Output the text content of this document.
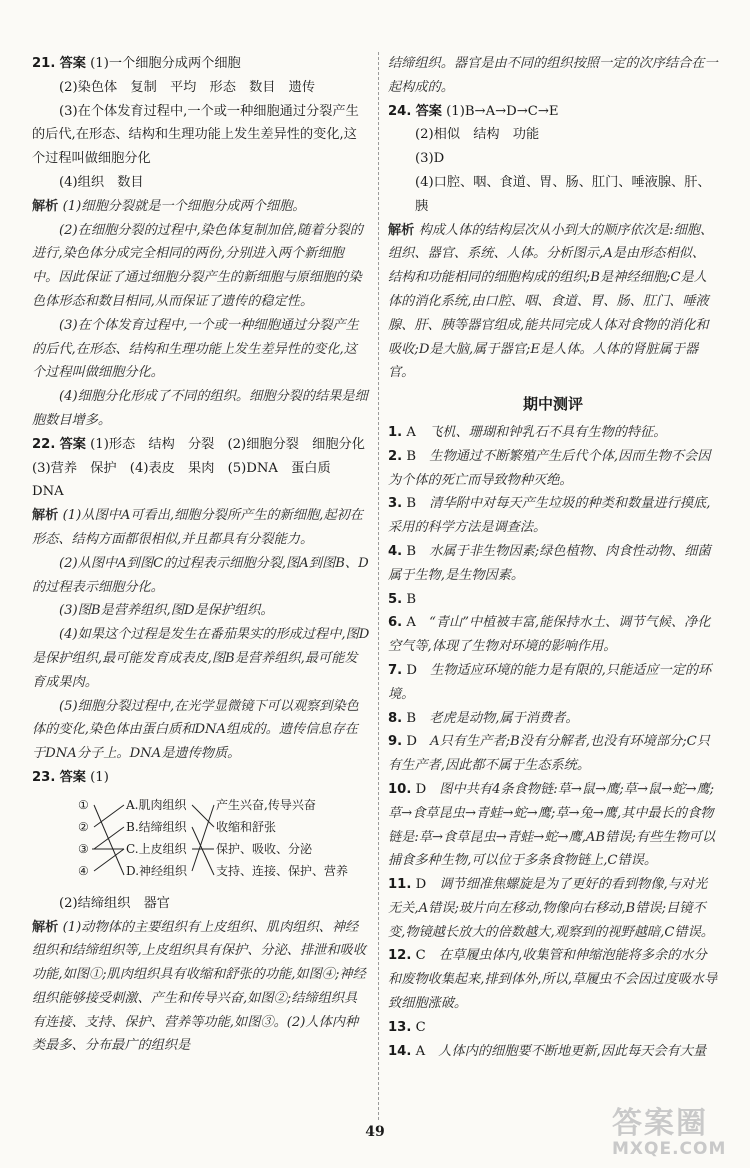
21. 答案 (1)一个细胞分成两个细胞

(2)染色体　复制　平均　形态　数目　遗传

(3)在个体发育过程中,一个或一种细胞通过分裂产生的后代,在形态、结构和生理功能上发生差异性的变化,这个过程叫做细胞分化

(4)组织　数目

解析 (1)细胞分裂就是一个细胞分成两个细胞。

(2)在细胞分裂的过程中,染色体复制加倍,随着分裂的进行,染色体分成完全相同的两份,分别进入两个新细胞中。因此保证了通过细胞分裂产生的新细胞与原细胞的染色体形态和数目相同,从而保证了遗传的稳定性。

(3)在个体发育过程中,一个或一种细胞通过分裂产生的后代,在形态、结构和生理功能上发生差异性的变化,这个过程叫做细胞分化。

(4)细胞分化形成了不同的组织。细胞分裂的结果是细胞数目增多。

22. 答案 (1)形态　结构　分裂　(2)细胞分裂　细胞分化　(3)营养　保护　(4)表皮　果肉　(5)DNA　蛋白质　DNA

解析 (1)从图中A可看出,细胞分裂所产生的新细胞,起初在形态、结构方面都很相似,并且都具有分裂能力。

(2)从图中A到图C的过程表示细胞分裂,图A到图B、D的过程表示细胞分化。

(3)图B是营养组织,图D是保护组织。

(4)如果这个过程是发生在番茄果实的形成过程中,图D是保护组织,最可能发育成表皮,图B是营养组织,最可能发育成果肉。

(5)细胞分裂过程中,在光学显微镜下可以观察到染色体的变化,染色体由蛋白质和DNA组成的。遗传信息存在于DNA分子上。DNA是遗传物质。

23. 答案 (1)

①
②
③
④
A.肌肉组织
B.结缔组织
C.上皮组织
D.神经组织
产生兴奋,传导兴奋
收缩和舒张
保护、吸收、分泌
支持、连接、保护、营养

(2)结缔组织　器官

解析 (1)动物体的主要组织有上皮组织、肌肉组织、神经组织和结缔组织等,上皮组织具有保护、分泌、排泄和吸收功能,如图①;肌肉组织具有收缩和舒张的功能,如图④;神经组织能够接受刺激、产生和传导兴奋,如图②;结缔组织具有连接、支持、保护、营养等功能,如图③。(2)人体内种类最多、分布最广的组织是

结缔组织。器官是由不同的组织按照一定的次序结合在一起构成的。

24. 答案 (1)B→A→D→C→E

(2)相似　结构　功能

(3)D

(4)口腔、咽、食道、胃、肠、肛门、唾液腺、肝、胰

解析 构成人体的结构层次从小到大的顺序依次是:细胞、组织、器官、系统、人体。分析图示,A是由形态相似、结构和功能相同的细胞构成的组织;B是神经细胞;C是人体的消化系统,由口腔、咽、食道、胃、肠、肛门、唾液腺、肝、胰等器官组成,能共同完成人体对食物的消化和吸收;D是大脑,属于器官;E是人体。人体的肾脏属于器官。

期中测评

1. A  飞机、珊瑚和钟乳石不具有生物的特征。

2. B  生物通过不断繁殖产生后代个体,因而生物不会因为个体的死亡而导致物种灭绝。

3. B  清华附中对每天产生垃圾的种类和数量进行摸底,采用的科学方法是调查法。

4. B  水属于非生物因素;绿色植物、肉食性动物、细菌属于生物,是生物因素。

5. B 

6. A  “青山”中植被丰富,能保持水土、调节气候、净化空气等,体现了生物对环境的影响作用。

7. D  生物适应环境的能力是有限的,只能适应一定的环境。

8. B  老虎是动物,属于消费者。

9. D  A只有生产者;B没有分解者,也没有环境部分;C只有生产者,因此都不属于生态系统。

10. D  图中共有4条食物链:草→鼠→鹰;草→鼠→蛇→鹰;草→食草昆虫→青蛙→蛇→鹰;草→兔→鹰,其中最长的食物链是:草→食草昆虫→青蛙→蛇→鹰,AB错误;有些生物可以捕食多种生物,可以位于多条食物链上,C错误。

11. D  调节细准焦螺旋是为了更好的看到物像,与对光无关,A错误;玻片向左移动,物像向右移动,B错误;目镜不变,物镜越长放大的倍数越大,观察到的视野越暗,C错误。

12. C  在草履虫体内,收集管和伸缩泡能将多余的水分和废物收集起来,排到体外,所以,草履虫不会因过度吸水导致细胞涨破。

13. C 

14. A  人体内的细胞要不断地更新,因此每天会有大量

49	答案圈
MXQE.COM
